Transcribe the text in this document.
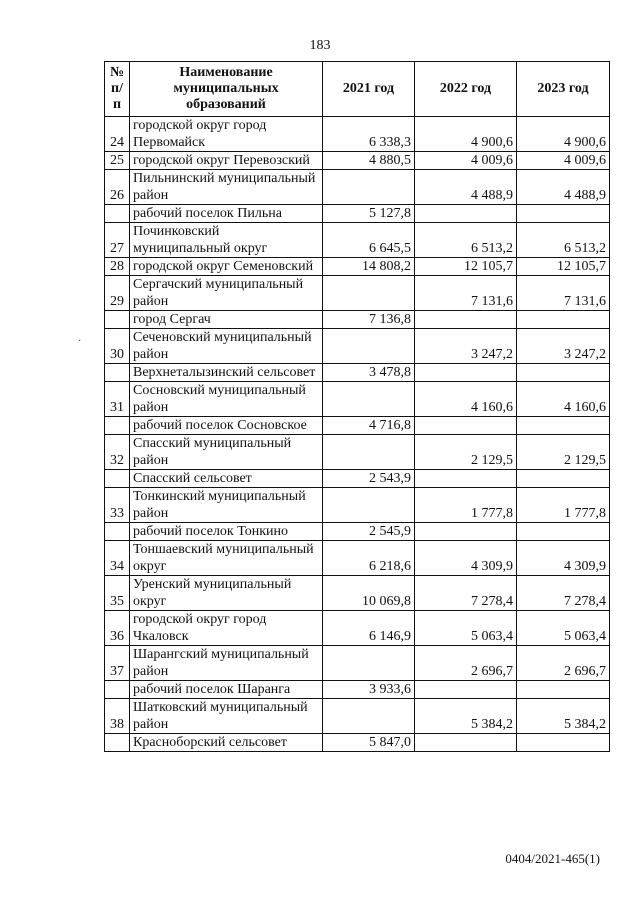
183
·
№ п/п	Наименование муниципальных образований	2021 год	2022 год	2023 год
24	городской округ город Первомайск	6 338,3	4 900,6	4 900,6
25	городской округ Перевозский	4 880,5	4 009,6	4 009,6
26	Пильнинский муниципальный район		4 488,9	4 488,9
	рабочий поселок Пильна	5 127,8		
27	Починковский муниципальный округ	6 645,5	6 513,2	6 513,2
28	городской округ Семеновский	14 808,2	12 105,7	12 105,7
29	Сергачский муниципальный район		7 131,6	7 131,6
	город Сергач	7 136,8		
30	Сеченовский муниципальный район		3 247,2	3 247,2
	Верхнеталызинский сельсовет	3 478,8		
31	Сосновский муниципальный район		4 160,6	4 160,6
	рабочий поселок Сосновское	4 716,8		
32	Спасский муниципальный район		2 129,5	2 129,5
	Спасский сельсовет	2 543,9		
33	Тонкинский муниципальный район		1 777,8	1 777,8
	рабочий поселок Тонкино	2 545,9		
34	Тоншаевский муниципальный округ	6 218,6	4 309,9	4 309,9
35	Уренский муниципальный округ	10 069,8	7 278,4	7 278,4
36	городской округ город Чкаловск	6 146,9	5 063,4	5 063,4
37	Шарангский муниципальный район		2 696,7	2 696,7
	рабочий поселок Шаранга	3 933,6		
38	Шатковский муниципальный район		5 384,2	5 384,2
	Красноборский сельсовет	5 847,0		
0404/2021-465(1)
